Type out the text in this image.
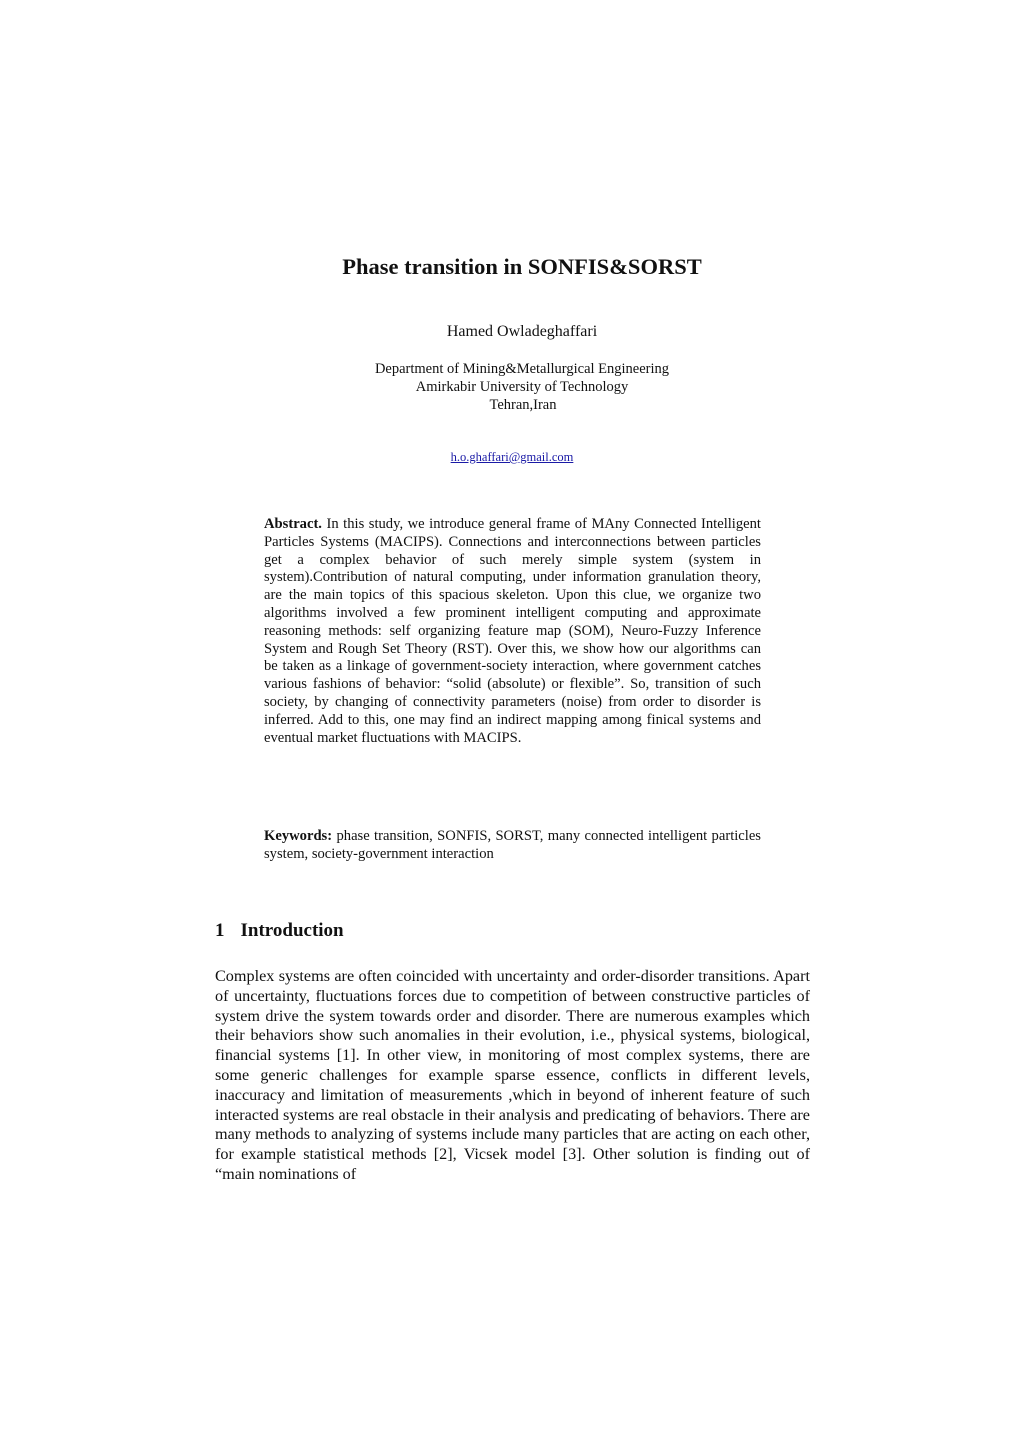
Phase transition in SONFIS&SORST

Hamed Owladeghaffari

Department of Mining&Metallurgical Engineering
Amirkabir University of Technology
Tehran,Iran
h.o.ghaffari@gmail.com

Abstract. In this study, we introduce general frame of MAny Connected Intelligent Particles Systems (MACIPS). Connections and interconnections between particles get a complex behavior of such merely simple system (system in system).Contribution of natural computing, under information granulation theory, are the main topics of this spacious skeleton. Upon this clue, we organize two algorithms involved a few prominent intelligent computing and approximate reasoning methods: self organizing feature map (SOM), Neuro-Fuzzy Inference System and Rough Set Theory (RST). Over this, we show how our algorithms can be taken as a linkage of government-society interaction, where government catches various fashions of behavior: “solid (absolute) or flexible”. So, transition of such society, by changing of connectivity parameters (noise) from order to disorder is inferred. Add to this, one may find an indirect mapping among finical systems and eventual market fluctuations with MACIPS.

Keywords: phase transition, SONFIS, SORST, many connected intelligent particles system, society-government interaction

1 Introduction

Complex systems are often coincided with uncertainty and order-disorder transitions. Apart of uncertainty, fluctuations forces due to competition of between constructive particles of system drive the system towards order and disorder. There are numerous examples which their behaviors show such anomalies in their evolution, i.e., physical systems, biological, financial systems [1]. In other view, in monitoring of most complex systems, there are some generic challenges for example sparse essence, conflicts in different levels, inaccuracy and limitation of measurements ,which in beyond of inherent feature of such interacted systems are real obstacle in their analysis and predicating of behaviors. There are many methods to analyzing of systems include many particles that are acting on each other, for example statistical methods [2], Vicsek model [3]. Other solution is finding out of “main nominations of
